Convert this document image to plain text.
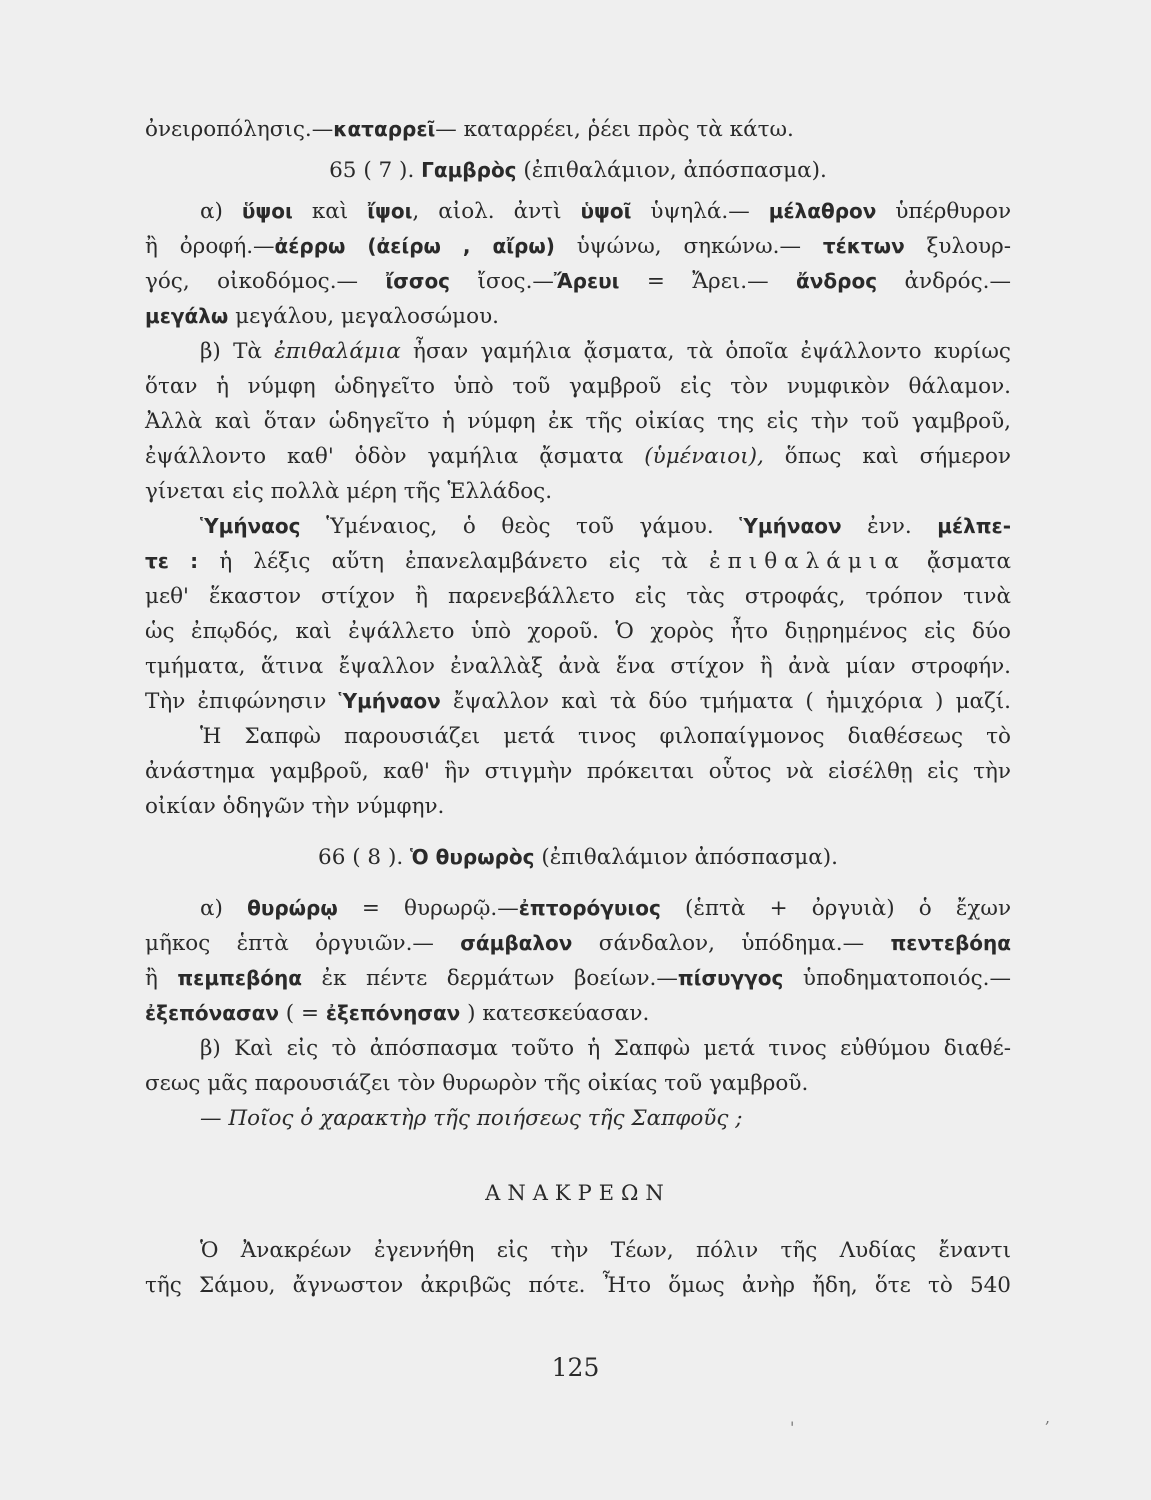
ὀνειροπόλησις.—καταρρεῖ— καταρρέει, ῥέει πρὸς τὰ κάτω.
65 ( 7 ). Γαμβρὸς (ἐπιθαλάμιον, ἀπόσπασμα).
α) ὕψοι καὶ ἴψοι, αἰολ. ἀντὶ ὑψοῖ ὑψηλά.— μέλαθρον ὑπέρθυρον
ἢ ὀροφή.—ἀέρρω (ἀείρω , αἴρω) ὑψώνω, σηκώνω.— τέκτων ξυλουρ-
γός, οἰκοδόμος.— ἴσσος ἴσος.—Ἄρευι = Ἄρει.— ἄνδρος ἀνδρός.—
μεγάλω μεγάλου, μεγαλοσώμου.
β) Τὰ ἐπιθαλάμια ἦσαν γαμήλια ᾄσματα, τὰ ὁποῖα ἐψάλλοντο κυρίως
ὅταν ἡ νύμφη ὡδηγεῖτο ὑπὸ τοῦ γαμβροῦ εἰς τὸν νυμφικὸν θάλαμον.
Ἀλλὰ καὶ ὅταν ὡδηγεῖτο ἡ νύμφη ἐκ τῆς οἰκίας της εἰς τὴν τοῦ γαμβροῦ,
ἐψάλλοντο καθ' ὁδὸν γαμήλια ᾄσματα (ὑμέναιοι), ὅπως καὶ σήμερον
γίνεται εἰς πολλὰ μέρη τῆς Ἑλλάδος.
Ὑμήναος Ὑμέναιος, ὁ θεὸς τοῦ γάμου. Ὑμήναον ἐνν. μέλπε-
τε : ἡ λέξις αὕτη ἐπανελαμβάνετο εἰς τὰ ἐπιθαλάμια ᾄσματα
μεθ' ἕκαστον στίχον ἢ παρενεβάλλετο εἰς τὰς στροφάς, τρόπον τινὰ
ὡς ἐπῳδός, καὶ ἐψάλλετο ὑπὸ χοροῦ. Ὁ χορὸς ἦτο διῃρημένος εἰς δύο
τμήματα, ἅτινα ἔψαλλον ἐναλλὰξ ἀνὰ ἕνα στίχον ἢ ἀνὰ μίαν στροφήν.
Τὴν ἐπιφώνησιν Ὑμήναον ἔψαλλον καὶ τὰ δύο τμήματα ( ἡμιχόρια ) μαζί.
Ἡ Σαπφὼ παρουσιάζει μετά τινος φιλοπαίγμονος διαθέσεως τὸ
ἀνάστημα γαμβροῦ, καθ' ἣν στιγμὴν πρόκειται οὗτος νὰ εἰσέλθῃ εἰς τὴν
οἰκίαν ὁδηγῶν τὴν νύμφην.
66 ( 8 ). Ὁ θυρωρὸς (ἐπιθαλάμιον ἀπόσπασμα).
α) θυρώρῳ = θυρωρῷ.—ἐπτορόγυιος (ἑπτὰ + ὀργυιὰ) ὁ ἔχων
μῆκος ἑπτὰ ὀργυιῶν.— σάμβαλον σάνδαλον, ὑπόδημα.— πεντεβόηα
ἢ πεμπεβόηα ἐκ πέντε δερμάτων βοείων.—πίσυγγος ὑποδηματοποιός.—
ἐξεπόνασαν ( = ἐξεπόνησαν ) κατεσκεύασαν.
β) Καὶ εἰς τὸ ἀπόσπασμα τοῦτο ἡ Σαπφὼ μετά τινος εὐθύμου διαθέ-
σεως μᾶς παρουσιάζει τὸν θυρωρὸν τῆς οἰκίας τοῦ γαμβροῦ.
— Ποῖος ὁ χαρακτὴρ τῆς ποιήσεως τῆς Σαπφοῦς ;
ΑΝΑΚΡΕΩΝ
Ὁ Ἀνακρέων ἐγεννήθη εἰς τὴν Τέων, πόλιν τῆς Λυδίας ἔναντι
τῆς Σάμου, ἄγνωστον ἀκριβῶς πότε. Ἦτο ὅμως ἀνὴρ ἤδη, ὅτε τὸ 540
125
,
'
